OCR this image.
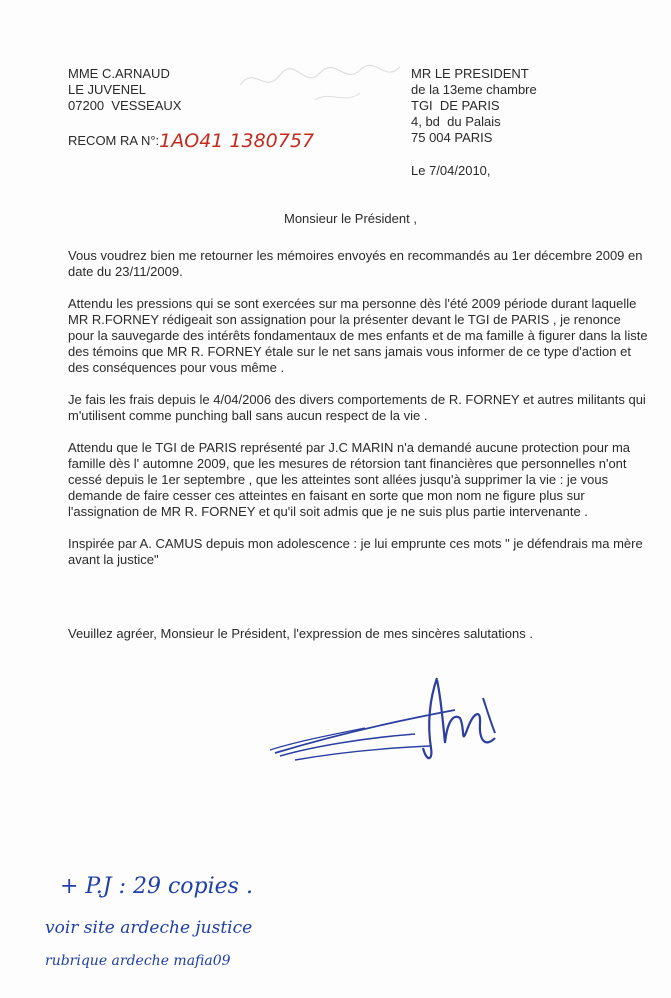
MME C.ARNAUD
LE JUVENEL
07200  VESSEAUX
RECOM RA N°:1AO41 1380757
MR LE PRESIDENT
de la 13eme chambre
TGI  DE PARIS
4, bd  du Palais
75 004 PARIS
Le 7/04/2010,
Monsieur le Président ,

Vous voudrez bien me retourner les mémoires envoyés en recommandés au 1er décembre 2009 en date du 23/11/2009.

Attendu les pressions qui se sont exercées sur ma personne dès l'été 2009 période durant laquelle MR R.FORNEY rédigeait son assignation pour la présenter devant le TGI de PARIS , je renonce pour la sauvegarde des intérêts fondamentaux de mes enfants et de ma famille à figurer dans la liste des témoins que MR R. FORNEY étale sur le net sans jamais vous informer de ce type d'action et des conséquences pour vous même .

Je fais les frais depuis le 4/04/2006 des divers comportements de R. FORNEY et autres militants qui m'utilisent comme punching ball sans aucun respect de la vie .

Attendu que le TGI de PARIS représenté par J.C MARIN n'a demandé aucune protection pour ma famille dès l' automne 2009, que les mesures de rétorsion tant financières que personnelles n'ont cessé depuis le 1er septembre , que les atteintes sont allées jusqu'à supprimer la vie : je vous demande de faire cesser ces atteintes en faisant en sorte que mon nom ne figure plus sur l'assignation de MR R. FORNEY et qu'il soit admis que je ne suis plus partie intervenante .

Inspirée par A. CAMUS depuis mon adolescence : je lui emprunte ces mots " je défendrais ma mère avant la justice"

Veuillez agréer, Monsieur le Président, l'expression de mes sincères salutations .
+ P.J : 29 copies .
voir site ardeche justice
rubrique ardeche mafia09
